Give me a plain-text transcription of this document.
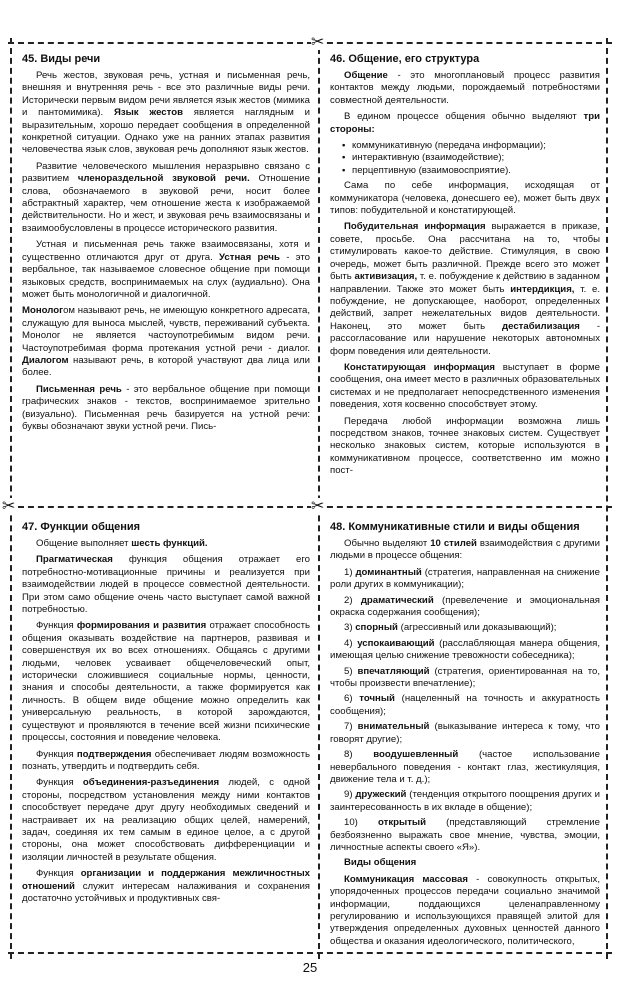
✂
✂	✂
45. Виды речи

Речь жестов, звуковая речь, устная и письменная речь, внешняя и внутренняя речь - все это различные виды речи. Исторически первым видом речи является язык жестов (мимика и пантомимика). Язык жестов является наглядным и выразительным, хорошо передает сообщения в определенной конкретной ситуации. Однако уже на ранних этапах развития человечества язык слов, звуковая речь дополняют язык жестов.

Развитие человеческого мышления неразрывно связано с развитием членораздельной звуковой речи. Отношение слова, обозначаемого в звуковой речи, носит более абстрактный характер, чем отношение жеста к изображаемой действительности. Но и жест, и звуковая речь взаимосвязаны и взаимообусловлены в процессе исторического развития.

Устная и письменная речь также взаимосвязаны, хотя и существенно отличаются друг от друга. Устная речь - это вербальное, так называемое словесное общение при помощи языковых средств, воспринимаемых на слух (аудиально). Она может быть монологичной и диалогичной.

Монологом называют речь, не имеющую конкретного адресата, служащую для выноса мыслей, чувств, переживаний субъекта. Монолог не является частоупотребимым видом речи. Частоупотребимая форма протекания устной речи - диалог. Диалогом называют речь, в которой участвуют два лица или более.

Письменная речь - это вербальное общение при помощи графических знаков - текстов, воспринимаемое зрительно (визуально). Письменная речь базируется на устной речи: буквы обозначают звуки устной речи. Пись-

46. Общение, его структура

Общение - это многоплановый процесс развития контактов между людьми, порождаемый потребностями совместной деятельности.

В едином процессе общения обычно выделяют три стороны:

• коммуникативную (передача информации);
• интерактивную (взаимодействие);
• перцептивную (взаимовосприятие).

Сама по себе информация, исходящая от коммуникатора (человека, донесшего ее), может быть двух типов: побудительной и констатирующей.

Побудительная информация выражается в приказе, совете, просьбе. Она рассчитана на то, чтобы стимулировать какое-то действие. Стимуляция, в свою очередь, может быть различной. Прежде всего это может быть активизация, т. е. побуждение к действию в заданном направлении. Также это может быть интердикция, т. е. побуждение, не допускающее, наоборот, определенных действий, запрет нежелательных видов деятельности. Наконец, это может быть дестабилизация - рассогласование или нарушение некоторых автономных форм поведения или деятельности.

Констатирующая информация выступает в форме сообщения, она имеет место в различных образовательных системах и не предполагает непосредственного изменения поведения, хотя косвенно способствует этому.

Передача любой информации возможна лишь посредством знаков, точнее знаковых систем. Существует несколько знаковых систем, которые используются в коммуникативном процессе, соответственно им можно пост-

47. Функции общения

Общение выполняет шесть функций.

Прагматическая функция общения отражает его потребностно-мотивационные причины и реализуется при взаимодействии людей в процессе совместной деятельности. При этом само общение очень часто выступает самой важной потребностью.

Функция формирования и развития отражает способность общения оказывать воздействие на партнеров, развивая и совершенствуя их во всех отношениях. Общаясь с другими людьми, человек усваивает общечеловеческий опыт, исторически сложившиеся социальные нормы, ценности, знания и способы деятельности, а также формируется как личность. В общем виде общение можно определить как универсальную реальность, в которой зарождаются, существуют и проявляются в течение всей жизни психические процессы, состояния и поведение человека.

Функция подтверждения обеспечивает людям возможность познать, утвердить и подтвердить себя.

Функция объединения-разъединения людей, с одной стороны, посредством установления между ними контактов способствует передаче друг другу необходимых сведений и настраивает их на реализацию общих целей, намерений, задач, соединяя их тем самым в единое целое, а с другой стороны, она может способствовать дифференциации и изоляции личностей в результате общения.

Функция организации и поддержания межличностных отношений служит интересам налаживания и сохранения достаточно устойчивых и продуктивных свя-

48. Коммуникативные стили и виды общения

Обычно выделяют 10 стилей взаимодействия с другими людьми в процессе общения:

1) доминантный (стратегия, направленная на снижение роли других в коммуникации);
2) драматический (превелечение и эмоциональная окраска содержания сообщения);
3) спорный (агрессивный или доказывающий);
4) успокаивающий (расслабляющая манера общения, имеющая целью снижение тревожности собеседника);
5) впечатляющий (стратегия, ориентированная на то, чтобы произвести впечатление);
6) точный (нацеленный на точность и аккуратность сообщения);
7) внимательный (выказывание интереса к тому, что говорят другие);
8) воодушевленный (частое использование невербального поведения - контакт глаз, жестикуляция, движение тела и т. д.);
9) дружеский (тенденция открытого поощрения других и заинтересованность в их вкладе в общение);
10) открытый (представляющий стремление безбоязненно выражать свое мнение, чувства, эмоции, личностные аспекты своего «Я»).

Виды общения

Коммуникация массовая - совокупность открытых, упорядоченных процессов передачи социально значимой информации, поддающихся целенаправленному регулированию и использующихся правящей элитой для утверждения определенных духовных ценностей данного общества и оказания идеологического, политического,

25
